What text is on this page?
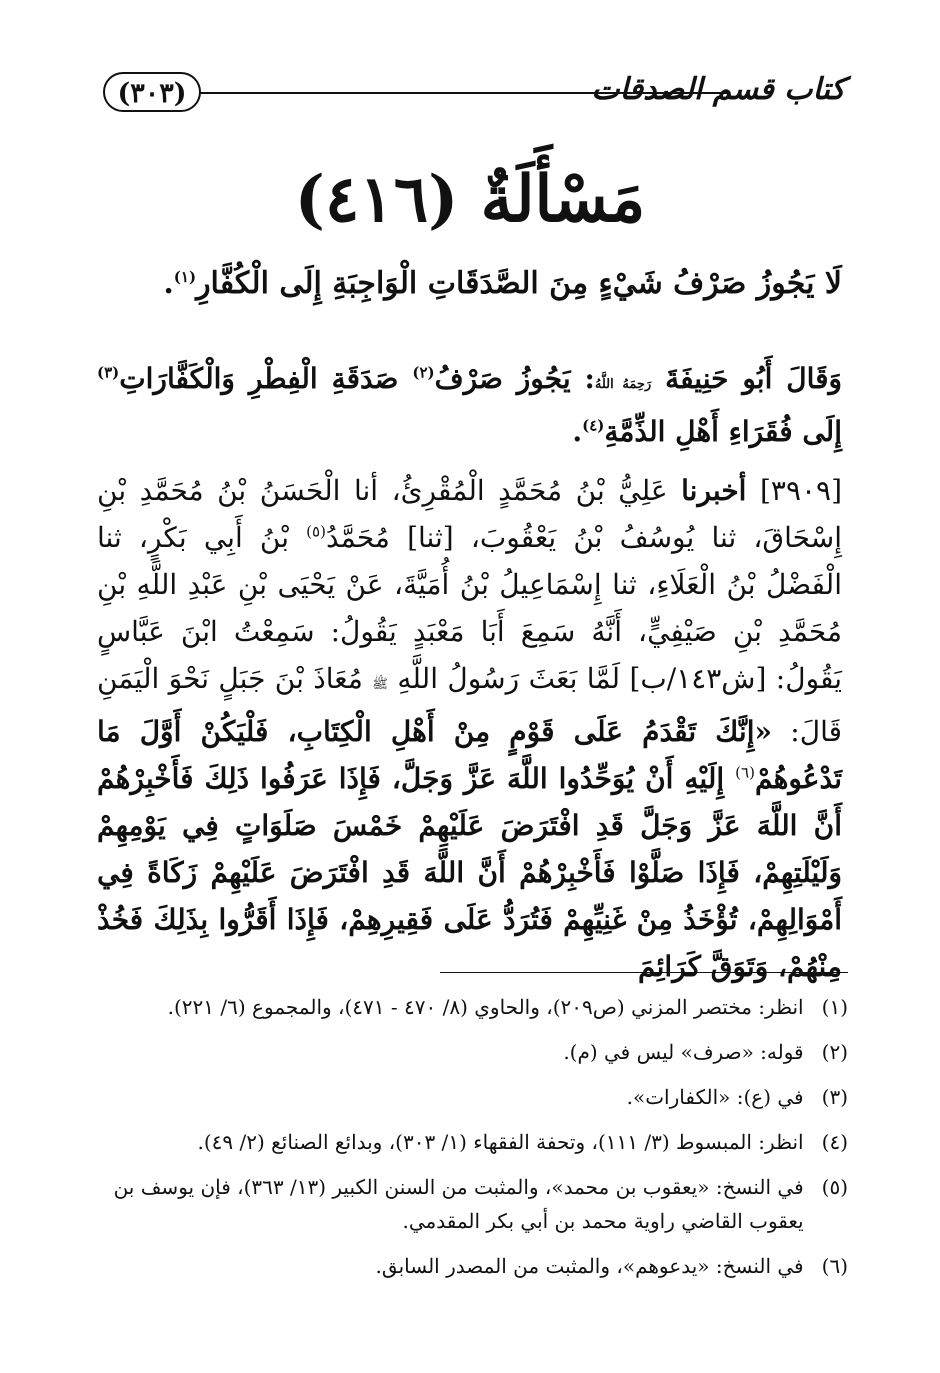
كتاب قسم الصدقات
(٣٠٣)
مَسْأَلَةٌ (٤١٦)
لَا يَجُوزُ صَرْفُ شَيْءٍ مِنَ الصَّدَقَاتِ الْوَاجِبَةِ إِلَى الْكُفَّارِ$^{(١)}$.
وَقَالَ أَبُو حَنِيفَةَ رَحِمَهُ اللَّهُ: يَجُوزُ صَرْفُ$^{(٢)}$ صَدَقَةِ الْفِطْرِ وَالْكَفَّارَاتِ$^{(٣)}$ إِلَى فُقَرَاءِ أَهْلِ الذِّمَّةِ$^{(٤)}$.
[٣٩٠٩] أخبرنا عَلِيُّ بْنُ مُحَمَّدٍ الْمُقْرِئُ، أنا الْحَسَنُ بْنُ مُحَمَّدِ بْنِ إِسْحَاقَ، ثنا يُوسُفُ بْنُ يَعْقُوبَ، [ثنا] مُحَمَّدُ$^{(٥)}$ بْنُ أَبِي بَكْرٍ، ثنا الْفَضْلُ بْنُ الْعَلَاءِ، ثنا إِسْمَاعِيلُ بْنُ أُمَيَّةَ، عَنْ يَحْيَى بْنِ عَبْدِ اللَّهِ بْنِ مُحَمَّدِ بْنِ صَيْفِيٍّ، أَنَّهُ سَمِعَ أَبَا مَعْبَدٍ يَقُولُ: سَمِعْتُ ابْنَ عَبَّاسٍ يَقُولُ: [ش١٤٣/ب] لَمَّا بَعَثَ رَسُولُ اللَّهِ ﷺ مُعَاذَ بْنَ جَبَلٍ نَحْوَ الْيَمَنِ قَالَ: «إِنَّكَ تَقْدَمُ عَلَى قَوْمٍ مِنْ أَهْلِ الْكِتَابِ، فَلْيَكُنْ أَوَّلَ مَا تَدْعُوهُمْ$^{(٦)}$ إِلَيْهِ أَنْ يُوَحِّدُوا اللَّهَ عَزَّ وَجَلَّ، فَإِذَا عَرَفُوا ذَلِكَ فَأَخْبِرْهُمْ أَنَّ اللَّهَ عَزَّ وَجَلَّ قَدِ افْتَرَضَ عَلَيْهِمْ خَمْسَ صَلَوَاتٍ فِي يَوْمِهِمْ وَلَيْلَتِهِمْ، فَإِذَا صَلَّوْا فَأَخْبِرْهُمْ أَنَّ اللَّهَ قَدِ افْتَرَضَ عَلَيْهِمْ زَكَاةً فِي أَمْوَالِهِمْ، تُؤْخَذُ مِنْ غَنِيِّهِمْ فَتُرَدُّ عَلَى فَقِيرِهِمْ، فَإِذَا أَقَرُّوا بِذَلِكَ فَخُذْ مِنْهُمْ، وَتَوَقَّ كَرَائِمَ
(١)
انظر: مختصر المزني (ص٢٠٩)، والحاوي (٨/ ٤٧٠ - ٤٧١)، والمجموع (٦/ ٢٢١).
(٢)
قوله: «صرف» ليس في (م).
(٣)
في (ع): «الكفارات».
(٤)
انظر: المبسوط (٣/ ١١١)، وتحفة الفقهاء (١/ ٣٠٣)، وبدائع الصنائع (٢/ ٤٩).
(٥)
في النسخ: «يعقوب بن محمد»، والمثبت من السنن الكبير (١٣/ ٣٦٣)، فإن يوسف بن يعقوب القاضي راوية محمد بن أبي بكر المقدمي.
(٦)
في النسخ: «يدعوهم»، والمثبت من المصدر السابق.
